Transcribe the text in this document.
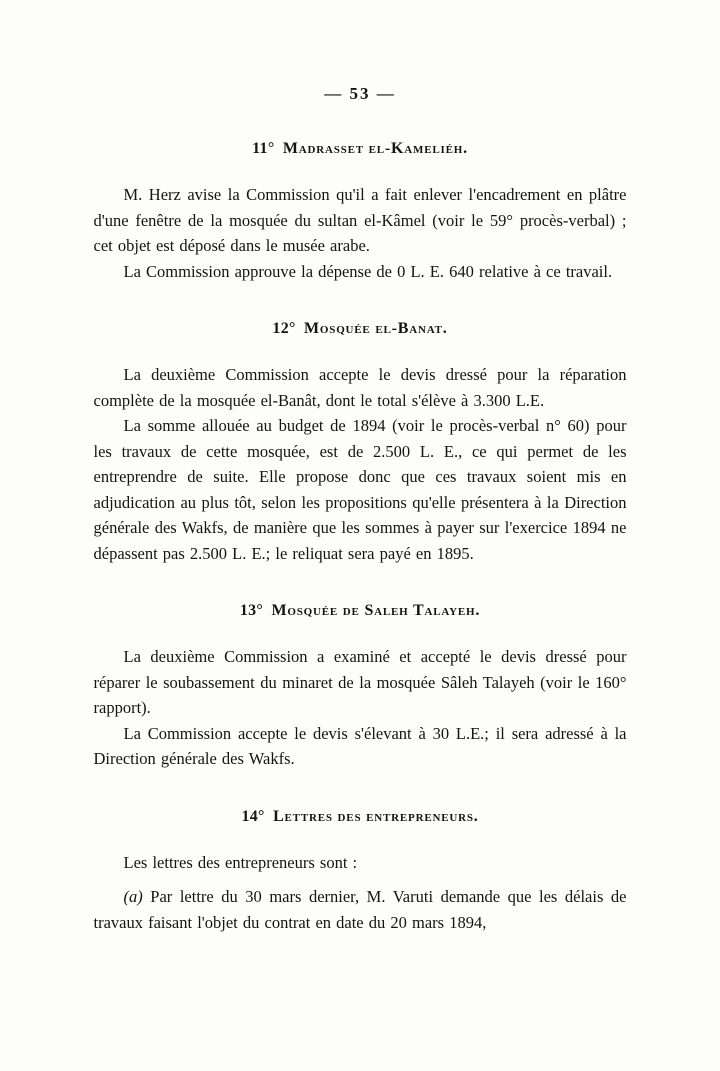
— 53 —
11° Madrasset el-Kameliéh.

M. Herz avise la Commission qu'il a fait enlever l'encadrement en plâtre d'une fenêtre de la mosquée du sultan el-Kâmel (voir le 59° procès-verbal) ; cet objet est déposé dans le musée arabe.

La Commission approuve la dépense de 0 L. E. 640 relative à ce travail.

12° Mosquée el-Banat.

La deuxième Commission accepte le devis dressé pour la réparation complète de la mosquée el-Banât, dont le total s'élève à 3.300 L.E.

La somme allouée au budget de 1894 (voir le procès-verbal n° 60) pour les travaux de cette mosquée, est de 2.500 L. E., ce qui permet de les entreprendre de suite. Elle propose donc que ces travaux soient mis en adjudication au plus tôt, selon les propositions qu'elle présentera à la Direction générale des Wakfs, de manière que les sommes à payer sur l'exercice 1894 ne dépassent pas 2.500 L. E.; le reliquat sera payé en 1895.

13° Mosquée de Saleh Talayeh.

La deuxième Commission a examiné et accepté le devis dressé pour réparer le soubassement du minaret de la mosquée Sâleh Talayeh (voir le 160° rapport).

La Commission accepte le devis s'élevant à 30 L.E.; il sera adressé à la Direction générale des Wakfs.

14° Lettres des entrepreneurs.

Les lettres des entrepreneurs sont :

(a) Par lettre du 30 mars dernier, M. Varuti demande que les délais de travaux faisant l'objet du contrat en date du 20 mars 1894,
